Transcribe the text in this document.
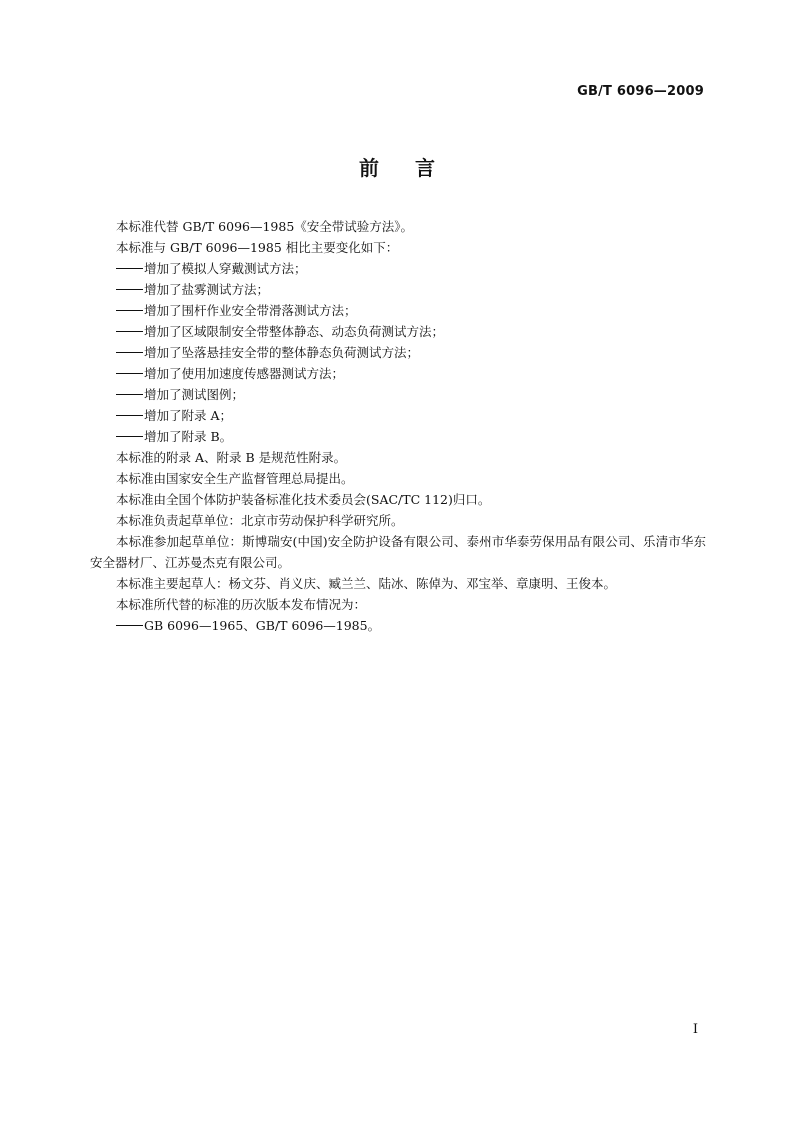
GB/T 6096—2009
前言

本标准代替 GB/T 6096—1985《安全带试验方法》。

本标准与 GB/T 6096—1985 相比主要变化如下：

增加了模拟人穿戴测试方法；

增加了盐雾测试方法；

增加了围杆作业安全带滑落测试方法；

增加了区域限制安全带整体静态、动态负荷测试方法；

增加了坠落悬挂安全带的整体静态负荷测试方法；

增加了使用加速度传感器测试方法；

增加了测试图例；

增加了附录 A；

增加了附录 B。

本标准的附录 A、附录 B 是规范性附录。

本标准由国家安全生产监督管理总局提出。

本标准由全国个体防护装备标准化技术委员会(SAC/TC 112)归口。

本标准负责起草单位：北京市劳动保护科学研究所。

本标准参加起草单位：斯博瑞安(中国)安全防护设备有限公司、泰州市华泰劳保用品有限公司、乐清市华东安全器材厂、江苏曼杰克有限公司。

本标准主要起草人：杨文芬、肖义庆、臧兰兰、陆冰、陈倬为、邓宝举、章康明、王俊本。

本标准所代替的标准的历次版本发布情况为：

GB 6096—1965、GB/T 6096—1985。

I
